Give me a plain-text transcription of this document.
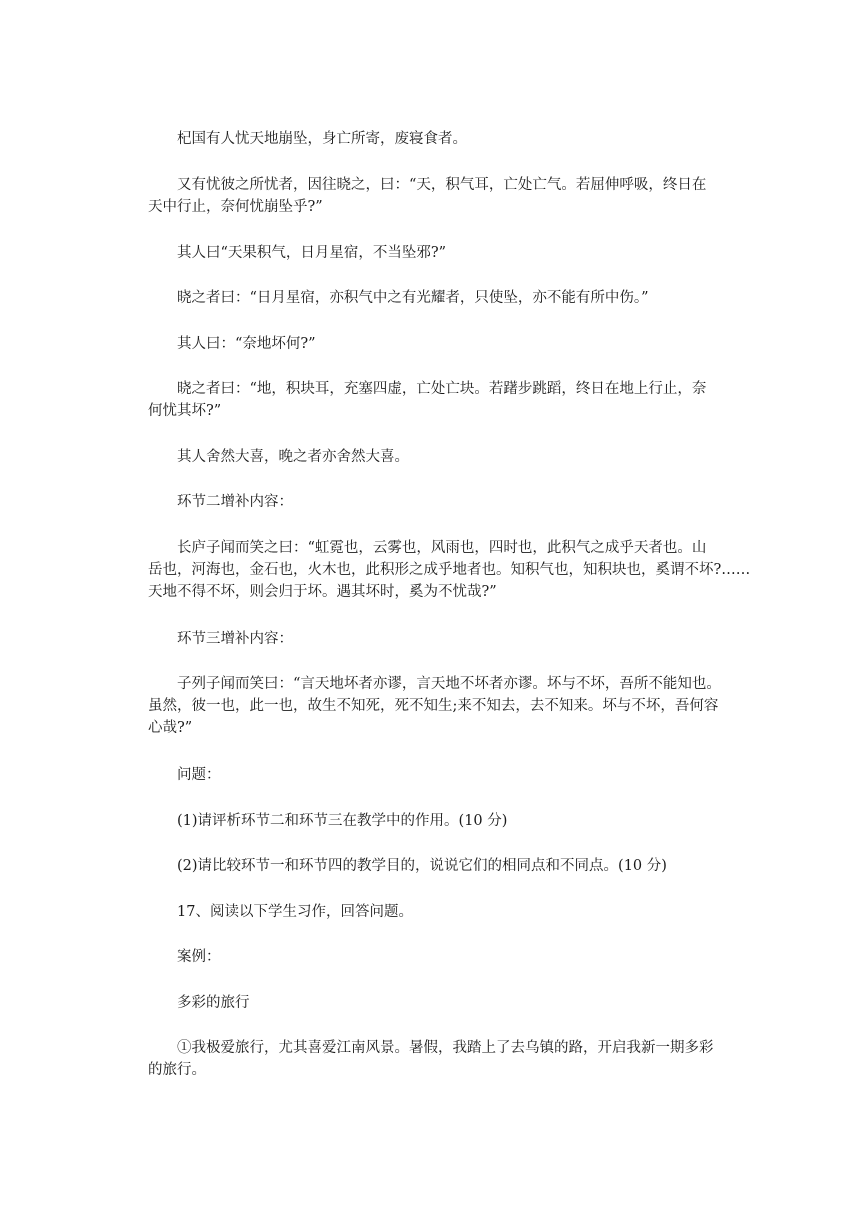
杞国有人忧天地崩坠，身亡所寄，废寝食者。

又有忧彼之所忧者，因往晓之，曰：“天，积气耳，亡处亡气。若屈伸呼吸，终日在
天中行止，奈何忧崩坠乎?”

其人曰“天果积气，日月星宿，不当坠邪?”

晓之者曰：“日月星宿，亦积气中之有光耀者，只使坠，亦不能有所中伤。”

其人曰：“奈地坏何?”

晓之者曰：“地，积块耳，充塞四虚，亡处亡块。若躇步跳蹈，终日在地上行止，奈
何忧其坏?”

其人舍然大喜，晚之者亦舍然大喜。

环节二增补内容：

长庐子闻而笑之曰：“虹霓也，云雾也，风雨也，四时也，此积气之成乎天者也。山
岳也，河海也，金石也，火木也，此积形之成乎地者也。知积气也，知积块也，奚谓不坏?……
天地不得不坏，则会归于坏。遇其坏时，奚为不忧哉?”

环节三增补内容：

子列子闻而笑曰：“言天地坏者亦谬，言天地不坏者亦谬。坏与不坏，吾所不能知也。
虽然，彼一也，此一也，故生不知死，死不知生;来不知去，去不知来。坏与不坏，吾何容
心哉?”

问题：

(1)请评析环节二和环节三在教学中的作用。(10 分)

(2)请比较环节一和环节四的教学目的，说说它们的相同点和不同点。(10 分)

17、阅读以下学生习作，回答问题。

案例：

多彩的旅行

①我极爱旅行，尤其喜爱江南风景。暑假，我踏上了去乌镇的路，开启我新一期多彩
的旅行。
